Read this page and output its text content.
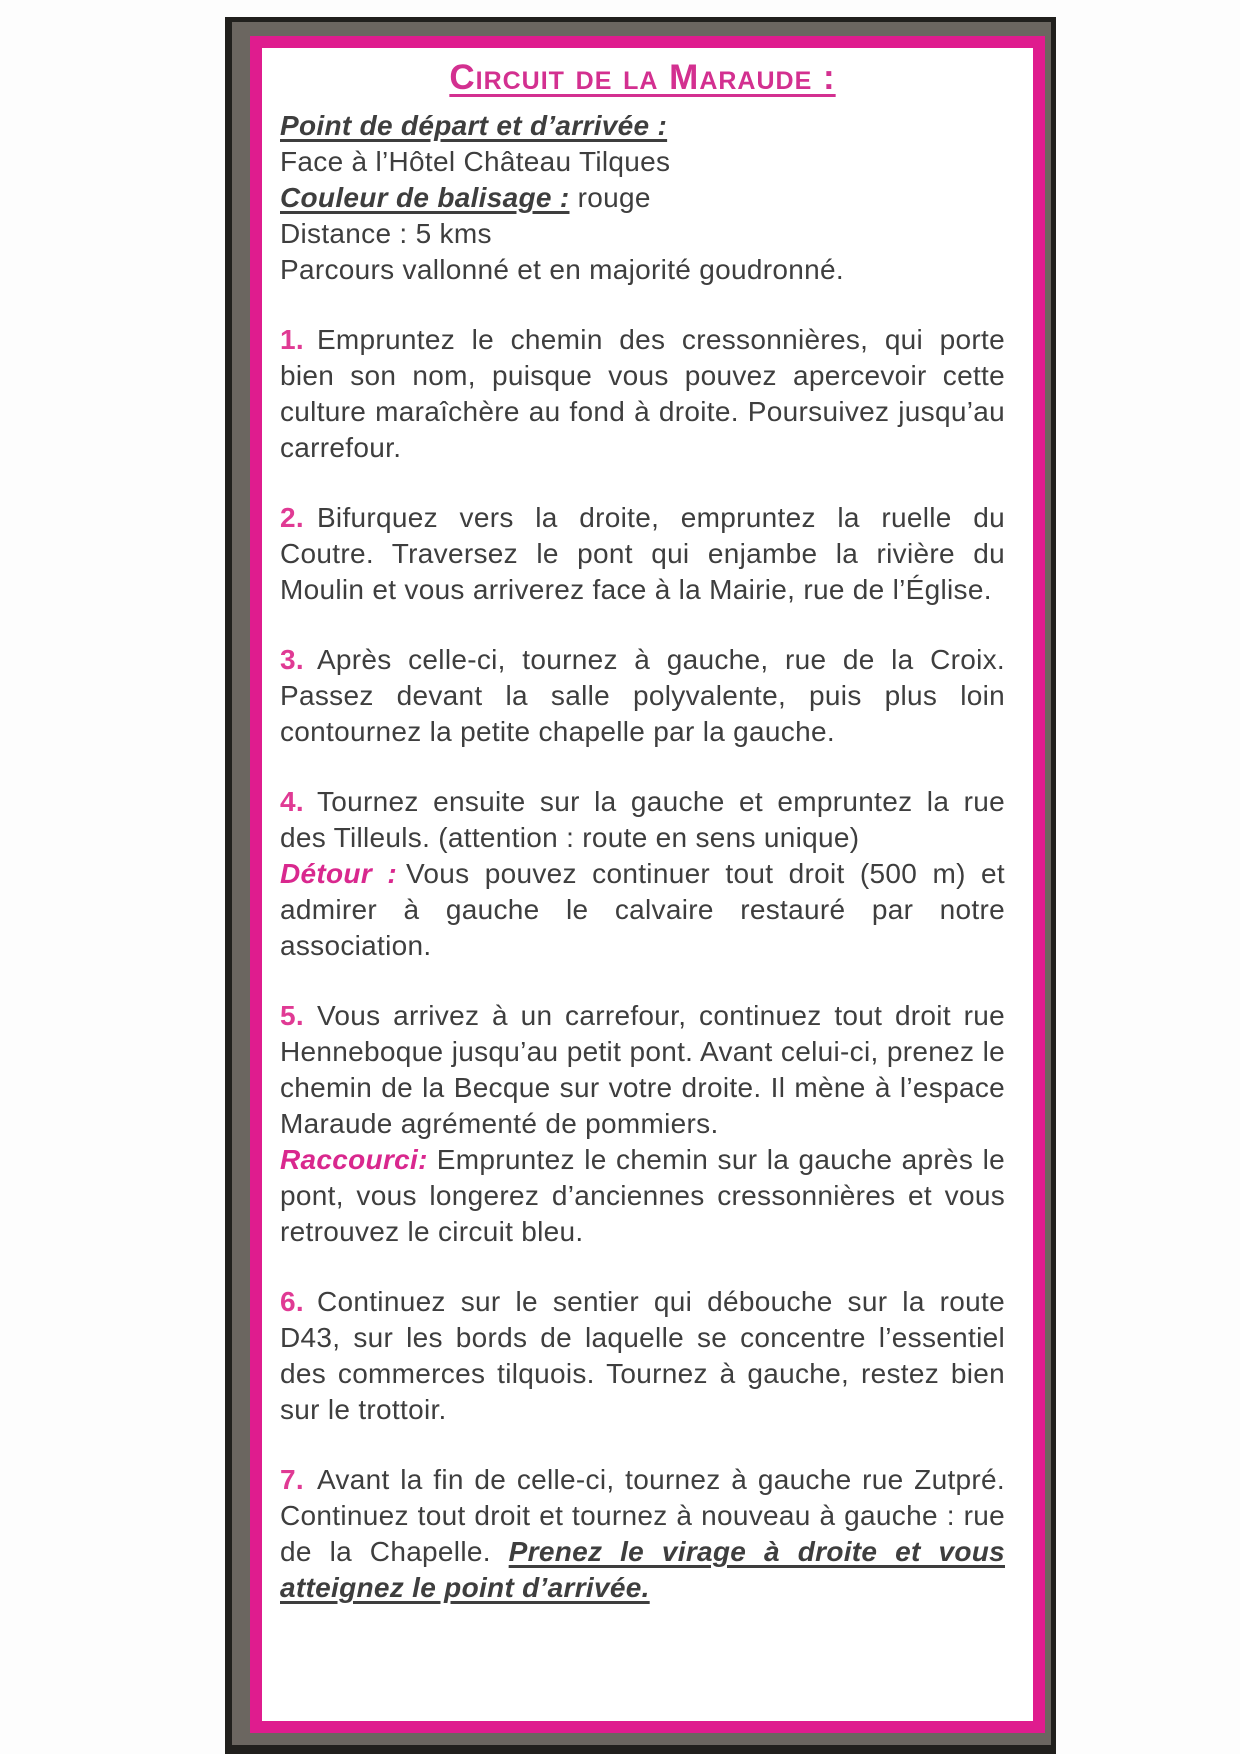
Circuit de la Maraude :
Point de départ et d’arrivée :
Face à l’Hôtel Château Tilques
Couleur de balisage : rouge
Distance : 5 kms
Parcours vallonné et en majorité goudronné.

1. Empruntez le chemin des cressonnières, qui porte bien son nom, puisque vous pouvez apercevoir cette culture maraîchère au fond à droite. Poursuivez jusqu’au carrefour.

2. Bifurquez vers la droite, empruntez la ruelle du Coutre. Traversez le pont qui enjambe la rivière du Moulin et vous arriverez face à la Mairie, rue de l’Église.

3. Après celle-ci, tournez à gauche, rue de la Croix. Passez devant la salle polyvalente, puis plus loin contournez la petite chapelle par la gauche.

4. Tournez ensuite sur la gauche et empruntez la rue des Tilleuls. (attention : route en sens unique)
Détour : Vous pouvez continuer tout droit (500 m) et admirer à gauche le calvaire restauré par notre association.

5. Vous arrivez à un carrefour, continuez tout droit rue Henneboque jusqu’au petit pont. Avant celui-ci, prenez le chemin de la Becque sur votre droite. Il mène à l’espace Maraude agrémenté de pommiers.
Raccourci: Empruntez le chemin sur la gauche après le pont, vous longerez d’anciennes cressonnières et vous retrouvez le circuit bleu.

6. Continuez sur le sentier qui débouche sur la route D43, sur les bords de laquelle se concentre l’essentiel des commerces tilquois. Tournez à gauche, restez bien sur le trottoir.

7. Avant la fin de celle-ci, tournez à gauche rue Zutpré. Continuez tout droit et tournez à nouveau à gauche : rue de la Chapelle. Prenez le virage à droite et vous atteignez le point d’arrivée.
